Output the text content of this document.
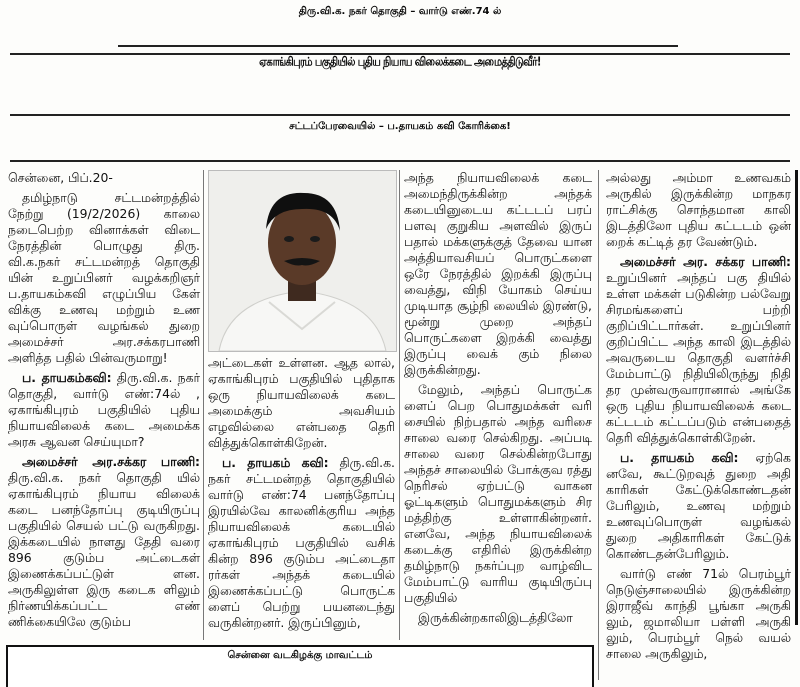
திரு.வி.க. நகர் தொகுதி – வார்டு எண்.74 ல்
ஏகாங்கிபுரம் பகுதியில் புதிய நியாய விலைக்கடை அமைத்திடுவீர்!
சட்டப்பேரவையில் – ப.தாயகம் கவி கோரிக்கை!

சென்னை, பிப்.20-

தமிழ்நாடு சட்டமன்றத்தில் நேற்று (19/2/2026) காலை நடைபெற்ற வினாக்கள் விடை நேரத்தின் பொழுது திரு. வி.க.நகர் சட்டமன்றத் தொகுதி யின் உறுப்பினர் வழக்கறிஞர் ப.தாயகம்கவி எழுப்பிய கேள் விக்கு உணவு மற்றும் உண வுப்பொருள் வழங்கல் துறை அமைச்சர் அர.சக்கரபாணி அளித்த பதில் பின்வருமாறு!

ப. தாயகம்கவி: திரு.வி.க. நகர் தொகுதி, வார்டு எண்:74ல் , ஏகாங்கிபுரம் பகுதியில் புதிய நியாயவிலைக் கடை அமைக்க அரசு ஆவன செய்யுமா?

அமைச்சர் அர.சக்கர பாணி: திரு.வி.க. நகர் தொகுதி யில் ஏகாங்கிபுரம் நியாய விலைக் கடை பனந்தோப்பு குடியிருப்பு பகுதியில் செயல் பட்டு வருகிறது. இக்கடையில் நாளது தேதி வரை 896 குடும்ப அட்டைகள் இணைக்கப்பட்டுள் ளன. அருகிலுள்ள இரு கடைக ளிலும் நிர்ணயிக்கப்பட்ட எண் ணிக்கையிலே குடும்ப

அட்டைகள் உள்ளன. ஆத லால், ஏகாங்கிபுரம் பகுதியில் புதிதாக ஒரு நியாயவிலைக் கடை அமைக்கும் அவசியம் எழவில்லை என்பதை தெரி வித்துக்கொள்கிறேன்.

ப. தாயகம் கவி: திரு.வி.க. நகர் சட்டமன்றத் தொகுதியில் வார்டு எண்:74 பனந்தோப்பு இரயில்வே காலனிக்குரிய அந்த நியாயவிலைக் கடையில் ஏகாங்கிபுரம் பகுதியில் வசிக் கின்ற 896 குடும்ப அட்டைதா ரர்கள் அந்தக் கடையில் இணைக்கப்பட்டு பொருட்க ளைப் பெற்று பயனடைந்து வருகின்றனர். இருப்பினும்,

அந்த நியாயவிலைக் கடை அமைந்திருக்கின்ற அந்தக் கடையினுடைய கட்டடப் பரப் பளவு குறுகிய அளவில் இருப் பதால் மக்களுக்குத் தேவை யான அத்தியாவசியப் பொருட்களை ஒரே நேரத்தில் இறக்கி இருப்பு வைத்து, விநி யோகம் செய்ய முடியாத சூழ்நி லையில் இரண்டு, மூன்று முறை அந்தப் பொருட்களை இறக்கி வைத்து இருப்பு வைக் கும் நிலை இருக்கின்றது.

மேலும், அந்தப் பொருட்க ளைப் பெற பொதுமக்கள் வரி சையில் நிற்பதால் அந்த வரிசை சாலை வரை செல்கிறது. அப்படி சாலை வரை செல்கின்றபோது அந்தச் சாலையில் போக்குவ ரத்து நெரிசல் ஏற்பட்டு வாகன ஓட்டிகளும் பொதுமக்களும் சிர மத்திற்கு உள்ளாகின்றனர். எனவே, அந்த நியாயவிலைக் கடைக்கு எதிரில் இருக்கின்ற தமிழ்நாடு நகர்ப்புற வாழ்விட மேம்பாட்டு வாரிய குடியிருப்பு பகுதியில்

இருக்கின்றகாலிஇடத்திலோ

அல்லது அம்மா உணவகம் அருகில் இருக்கின்ற மாநகர ராட்சிக்கு சொந்தமான காலி இடத்திலோ புதிய கட்டடம் ஒன் றைக் கட்டித் தர வேண்டும்.

அமைச்சர் அர. சக்கர பாணி: உறுப்பினர் அந்தப் பகு தியில் உள்ள மக்கள் படுகின்ற பல்வேறு சிரமங்களைப் பற்றி குறிப்பிட்டார்கள். உறுப்பினர் குறிப்பிட்ட அந்த காலி இடத்தில் அவருடைய தொகுதி வளர்ச்சி மேம்பாட்டு நிதியிலிருந்து நிதி தர முன்வருவாரானால் அங்கே ஒரு புதிய நியாயவிலைக் கடை கட்டடம் கட்டப்படும் என்பதைத் தெரி வித்துக்கொள்கிறேன்.

ப. தாயகம் கவி: ஏற்கெ னவே, கூட்டுறவுத் துறை அதி காரிகள் கேட்டுக்கொண்டதன் பேரிலும், உணவு மற்றும் உணவுப்பொருள் வழங்கல் துறை அதிகாரிகள் கேட்டுக் கொண்டதன்பேரிலும்.

வார்டு எண் 71ல் பெரம்பூர் நெடுஞ்சாலையில் இருக்கின்ற இராஜீவ் காந்தி பூங்கா அருகி லும், ஜமாலியா பள்ளி அருகி லும், பெரம்பூர் நெல் வயல் சாலை அருகிலும்,

சென்னை வடகிழக்கு மாவட்டம்
